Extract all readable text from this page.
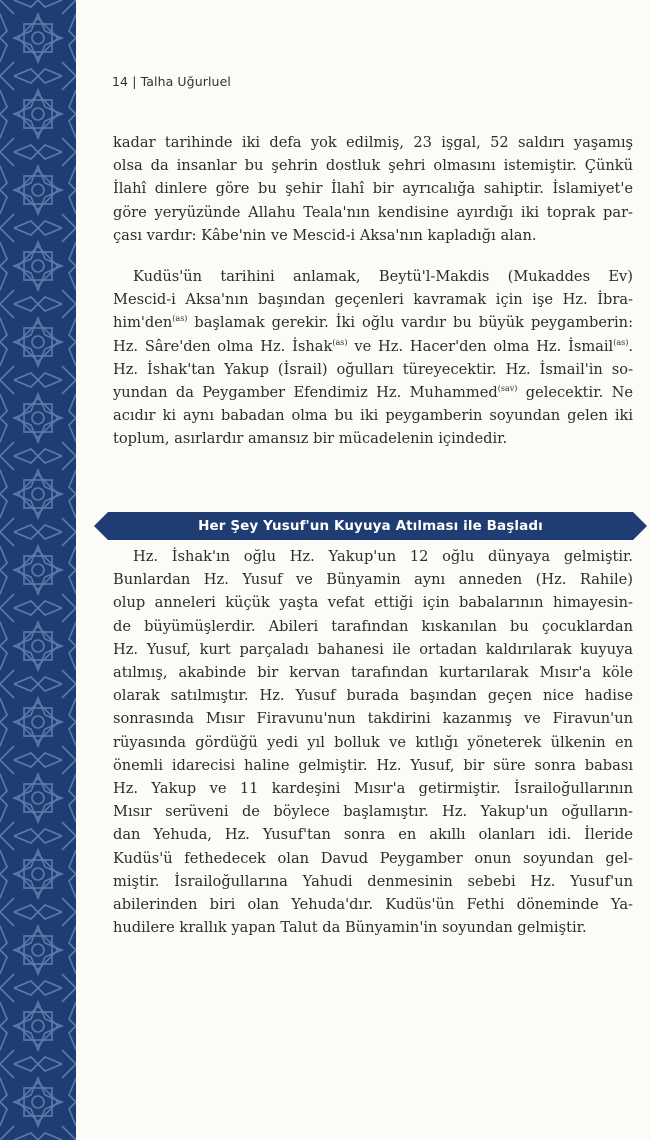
14 | Talha Uğurluel
kadar tarihinde iki defa yok edilmiş, 23 işgal, 52 saldırı yaşamış
olsa da insanlar bu şehrin dostluk şehri olmasını istemiştir. Çünkü
İlahî dinlere göre bu şehir İlahî bir ayrıcalığa sahiptir. İslamiyet'e
göre yeryüzünde Allahu Teala'nın kendisine ayırdığı iki toprak par-
çası vardır: Kâbe'nin ve Mescid-i Aksa'nın kapladığı alan.
Kudüs'ün tarihini anlamak, Beytü'l-Makdis (Mukaddes Ev)
Mescid-i Aksa'nın başından geçenleri kavramak için işe Hz. İbra-
him'den$^{(as)}$ başlamak gerekir. İki oğlu vardır bu büyük peygamberin:
Hz. Sâre'den olma Hz. İshak$^{(as)}$ ve Hz. Hacer'den olma Hz. İsmail$^{(as)}$.
Hz. İshak'tan Yakup (İsrail) oğulları türeyecektir. Hz. İsmail'in so-
yundan da Peygamber Efendimiz Hz. Muhammed$^{(sav)}$ gelecektir. Ne
acıdır ki aynı babadan olma bu iki peygamberin soyundan gelen iki
toplum, asırlardır amansız bir mücadelenin içindedir.
Her Şey Yusuf'un Kuyuya Atılması ile Başladı
Hz. İshak'ın oğlu Hz. Yakup'un 12 oğlu dünyaya gelmiştir.
Bunlardan Hz. Yusuf ve Bünyamin aynı anneden (Hz. Rahile)
olup anneleri küçük yaşta vefat ettiği için babalarının himayesin-
de büyümüşlerdir. Abileri tarafından kıskanılan bu çocuklardan
Hz. Yusuf, kurt parçaladı bahanesi ile ortadan kaldırılarak kuyuya
atılmış, akabinde bir kervan tarafından kurtarılarak Mısır'a köle
olarak satılmıştır. Hz. Yusuf burada başından geçen nice hadise
sonrasında Mısır Firavunu'nun takdirini kazanmış ve Firavun'un
rüyasında gördüğü yedi yıl bolluk ve kıtlığı yöneterek ülkenin en
önemli idarecisi haline gelmiştir. Hz. Yusuf, bir süre sonra babası
Hz. Yakup ve 11 kardeşini Mısır'a getirmiştir. İsrailoğullarının
Mısır serüveni de böylece başlamıştır. Hz. Yakup'un oğulların-
dan Yehuda, Hz. Yusuf'tan sonra en akıllı olanları idi. İleride
Kudüs'ü fethedecek olan Davud Peygamber onun soyundan gel-
miştir. İsrailoğullarına Yahudi denmesinin sebebi Hz. Yusuf'un
abilerinden biri olan Yehuda'dır. Kudüs'ün Fethi döneminde Ya-
hudilere krallık yapan Talut da Bünyamin'in soyundan gelmiştir.
